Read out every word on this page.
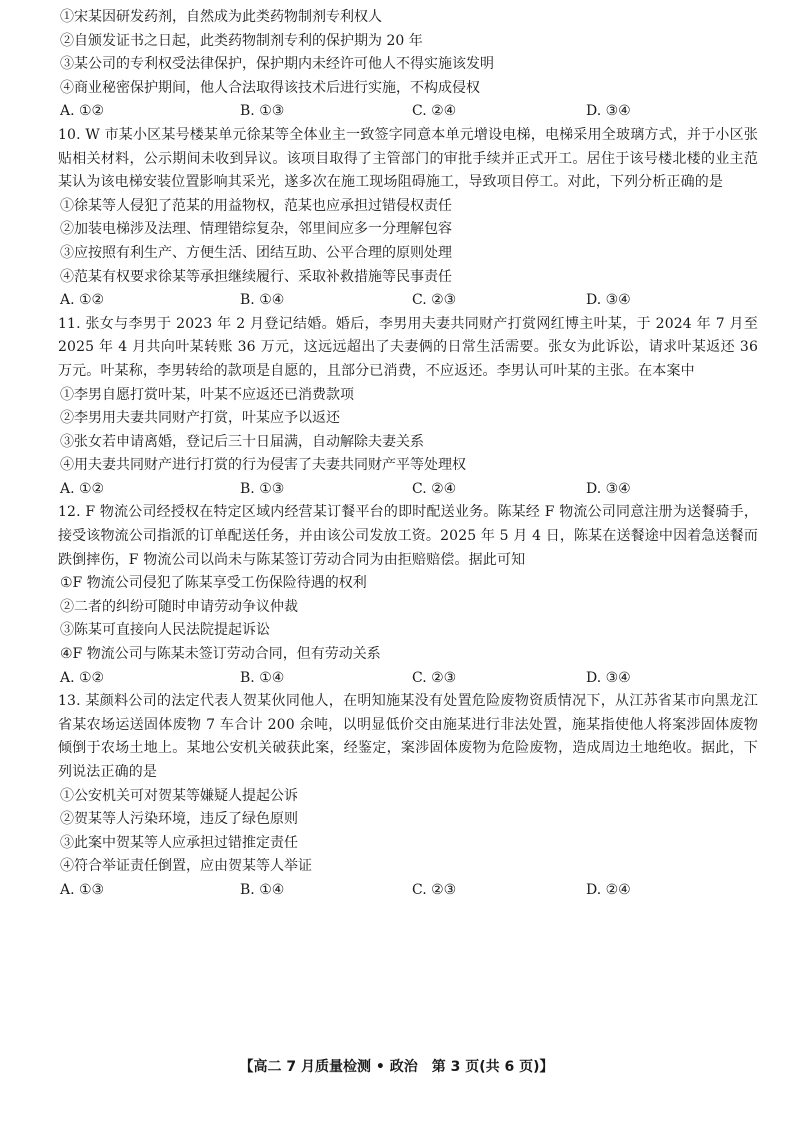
①宋某因研发药剂，自然成为此类药物制剂专利权人
②自颁发证书之日起，此类药物制剂专利的保护期为 20 年
③某公司的专利权受法律保护，保护期内未经许可他人不得实施该发明
④商业秘密保护期间，他人合法取得该技术后进行实施，不构成侵权
A. ①②	B. ①③	C. ②④	D. ③④
10. W 市某小区某号楼某单元徐某等全体业主一致签字同意本单元增设电梯，电梯采用全玻璃方式，并于小区张贴相关材料，公示期间未收到异议。该项目取得了主管部门的审批手续并正式开工。居住于该号楼北楼的业主范某认为该电梯安装位置影响其采光，遂多次在施工现场阻碍施工，导致项目停工。对此，下列分析正确的是
①徐某等人侵犯了范某的用益物权，范某也应承担过错侵权责任
②加装电梯涉及法理、情理错综复杂，邻里间应多一分理解包容
③应按照有利生产、方便生活、团结互助、公平合理的原则处理
④范某有权要求徐某等承担继续履行、采取补救措施等民事责任
A. ①②	B. ①④	C. ②③	D. ③④
11. 张女与李男于 2023 年 2 月登记结婚。婚后，李男用夫妻共同财产打赏网红博主叶某，于 2024 年 7 月至 2025 年 4 月共向叶某转账 36 万元，这远远超出了夫妻俩的日常生活需要。张女为此诉讼，请求叶某返还 36 万元。叶某称，李男转给的款项是自愿的，且部分已消费，不应返还。李男认可叶某的主张。在本案中
①李男自愿打赏叶某，叶某不应返还已消费款项
②李男用夫妻共同财产打赏，叶某应予以返还
③张女若申请离婚，登记后三十日届满，自动解除夫妻关系
④用夫妻共同财产进行打赏的行为侵害了夫妻共同财产平等处理权
A. ①②	B. ①③	C. ②④	D. ③④
12. F 物流公司经授权在特定区域内经营某订餐平台的即时配送业务。陈某经 F 物流公司同意注册为送餐骑手，接受该物流公司指派的订单配送任务，并由该公司发放工资。2025 年 5 月 4 日，陈某在送餐途中因着急送餐而跌倒摔伤，F 物流公司以尚未与陈某签订劳动合同为由拒赔赔偿。据此可知
①F 物流公司侵犯了陈某享受工伤保险待遇的权利
②二者的纠纷可随时申请劳动争议仲裁
③陈某可直接向人民法院提起诉讼
④F 物流公司与陈某未签订劳动合同，但有劳动关系
A. ①②	B. ①④	C. ②③	D. ③④
13. 某颜料公司的法定代表人贺某伙同他人，在明知施某没有处置危险废物资质情况下，从江苏省某市向黑龙江省某农场运送固体废物 7 车合计 200 余吨，以明显低价交由施某进行非法处置，施某指使他人将案涉固体废物倾倒于农场土地上。某地公安机关破获此案，经鉴定，案涉固体废物为危险废物，造成周边土地绝收。据此，下列说法正确的是
①公安机关可对贺某等嫌疑人提起公诉
②贺某等人污染环境，违反了绿色原则
③此案中贺某等人应承担过错推定责任
④符合举证责任倒置，应由贺某等人举证
A. ①③	B. ①④	C. ②③	D. ②④
【高二 7 月质量检测 • 政治　第 3 页(共 6 页)】
